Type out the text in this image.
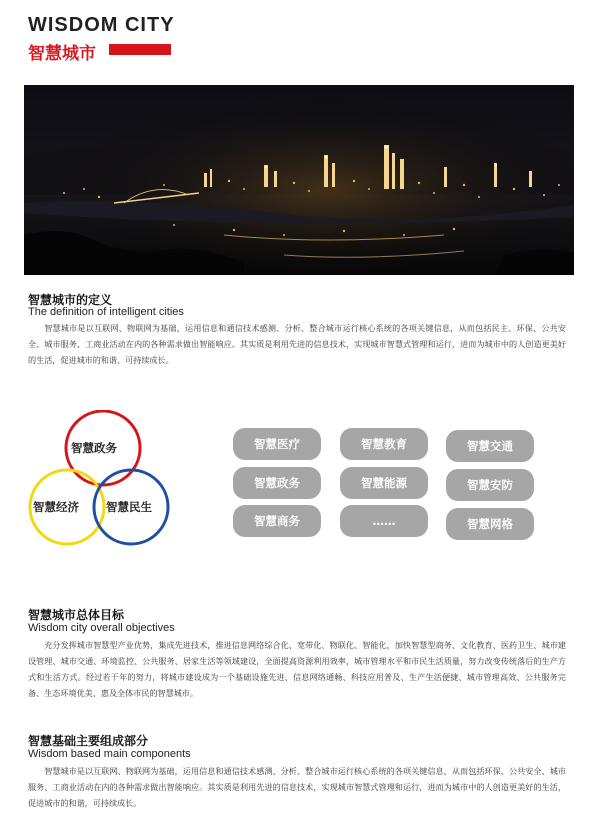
WISDOM CITY
智慧城市
智慧城市的定义
The definition of intelligent cities

智慧城市是以互联网、物联网为基础，运用信息和通信技术感测、分析、整合城市运行核心系统的各项关键信息，从而包括民主、环保、公共安全、城市服务、工商业活动在内的各种需求做出智能响应。其实质是利用先进的信息技术，实现城市智慧式管理和运行，进而为城市中的人创造更美好的生活，促进城市的和谐、可持续成长。

智慧政务
智慧经济 智慧民生
智慧医疗
智慧政务
智慧商务
智慧教育
智慧能源
……
智慧交通
智慧安防
智慧网格
智慧城市总体目标
Wisdom city overall objectives

充分发挥城市智慧型产业优势，集成先进技术，推进信息网络综合化、宽带化、物联化、智能化，加快智慧型商务、文化教育、医药卫生、城市建设管理、城市交通、环境监控、公共服务、居家生活等领域建设，全面提高资源利用效率，城市管理水平和市民生活质量，努力改变传统落后的生产方式和生活方式。经过若干年的努力，将城市建设成为一个基础设施先进、信息网络通畅、科技应用普及、生产生活便捷、城市管理高效、公共服务完备、生态环境优美、惠及全体市民的智慧城市。

智慧基础主要组成部分
Wisdom based main components

智慧城市是以互联网、物联网为基础，运用信息和通信技术感测、分析、整合城市运行核心系统的各项关键信息，从而包括环保、公共安全、城市服务、工商业活动在内的各种需求做出智能响应。其实质是利用先进的信息技术，实现城市智慧式管理和运行，进而为城市中的人创造更美好的生活，促进城市的和谐，可持续成长。
